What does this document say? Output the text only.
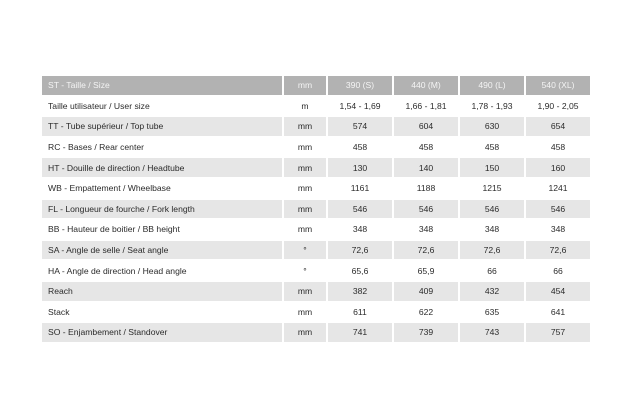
ST - Taille / Size	mm	390 (S)	440 (M)	490 (L)	540 (XL)
Taille utilisateur / User size	m	1,54 - 1,69	1,66 - 1,81	1,78 - 1,93	1,90 - 2,05
TT - Tube supérieur / Top tube	mm	574	604	630	654
RC - Bases / Rear center	mm	458	458	458	458
HT - Douille de direction / Headtube	mm	130	140	150	160
WB - Empattement / Wheelbase	mm	1161	1188	1215	1241
FL - Longueur de fourche / Fork length	mm	546	546	546	546
BB - Hauteur de boitier / BB height	mm	348	348	348	348
SA - Angle de selle / Seat angle	°	72,6	72,6	72,6	72,6
HA - Angle de direction / Head angle	°	65,6	65,9	66	66
Reach	mm	382	409	432	454
Stack	mm	611	622	635	641
SO - Enjambement / Standover	mm	741	739	743	757
